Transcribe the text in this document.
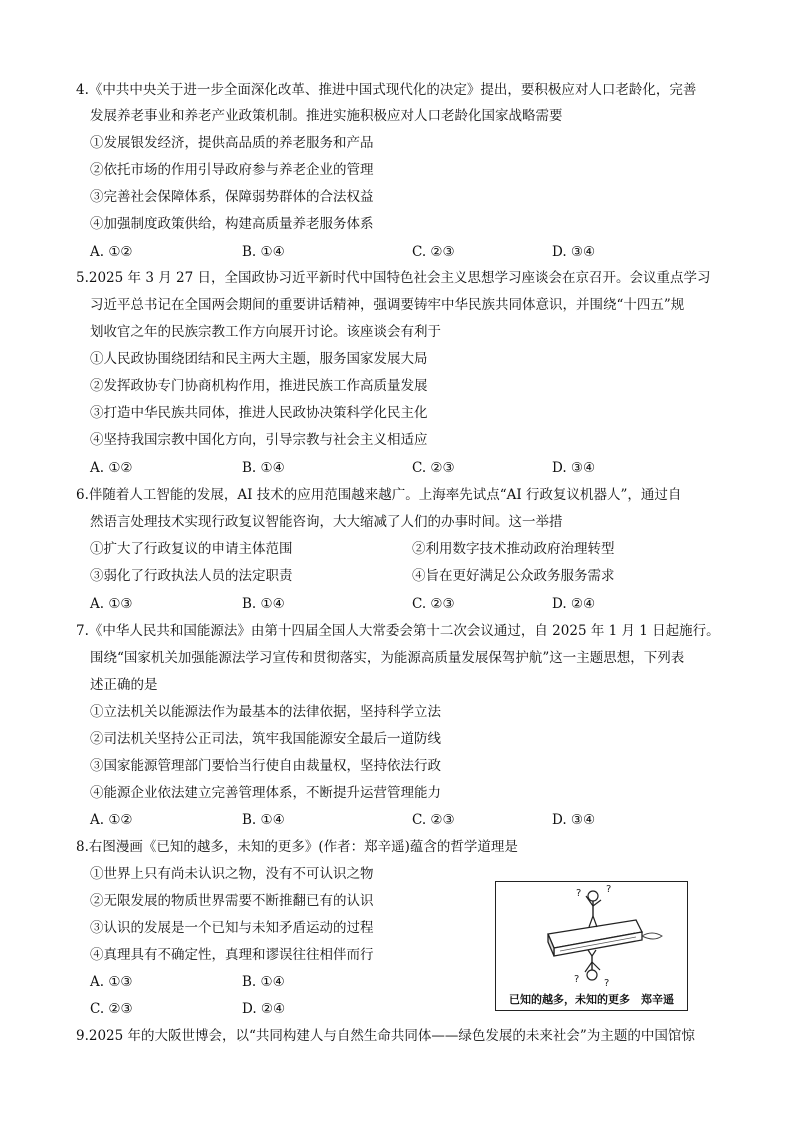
4.《中共中央关于进一步全面深化改革、推进中国式现代化的决定》提出，要积极应对人口老龄化，完善
发展养老事业和养老产业政策机制。推进实施积极应对人口老龄化国家战略需要
①发展银发经济，提供高品质的养老服务和产品
②依托市场的作用引导政府参与养老企业的管理
③完善社会保障体系，保障弱势群体的合法权益
④加强制度政策供给，构建高质量养老服务体系
A. ①②	B. ①④	C. ②③	D. ③④
5.2025 年 3 月 27 日，全国政协习近平新时代中国特色社会主义思想学习座谈会在京召开。会议重点学习
习近平总书记在全国两会期间的重要讲话精神，强调要铸牢中华民族共同体意识，并围绕“十四五”规
划收官之年的民族宗教工作方向展开讨论。该座谈会有利于
①人民政协围绕团结和民主两大主题，服务国家发展大局
②发挥政协专门协商机构作用，推进民族工作高质量发展
③打造中华民族共同体，推进人民政协决策科学化民主化
④坚持我国宗教中国化方向，引导宗教与社会主义相适应
A. ①②	B. ①④	C. ②③	D. ③④
6.伴随着人工智能的发展，AI 技术的应用范围越来越广。上海率先试点“AI 行政复议机器人”，通过自
然语言处理技术实现行政复议智能咨询，大大缩减了人们的办事时间。这一举措
①扩大了行政复议的申请主体范围	②利用数字技术推动政府治理转型
③弱化了行政执法人员的法定职责	④旨在更好满足公众政务服务需求
A. ①③	B. ①④	C. ②③	D. ②④
7.《中华人民共和国能源法》由第十四届全国人大常委会第十二次会议通过，自 2025 年 1 月 1 日起施行。
围绕“国家机关加强能源法学习宣传和贯彻落实，为能源高质量发展保驾护航”这一主题思想，下列表
述正确的是
①立法机关以能源法作为最基本的法律依据，坚持科学立法
②司法机关坚持公正司法，筑牢我国能源安全最后一道防线
③国家能源管理部门要恰当行使自由裁量权，坚持依法行政
④能源企业依法建立完善管理体系，不断提升运营管理能力
A. ①②	B. ①④	C. ②③	D. ③④
8.右图漫画《已知的越多，未知的更多》(作者：郑辛遥)蕴含的哲学道理是
①世界上只有尚未认识之物，没有不可认识之物
②无限发展的物质世界需要不断推翻已有的认识
③认识的发展是一个已知与未知矛盾运动的过程
④真理具有不确定性，真理和谬误往往相伴而行
A. ①③	B. ①④
C. ②③	D. ②④
? ?
? ?
已知的越多，未知的更多　郑辛遥
9.2025 年的大阪世博会，以“共同构建人与自然生命共同体——绿色发展的未来社会”为主题的中国馆惊
